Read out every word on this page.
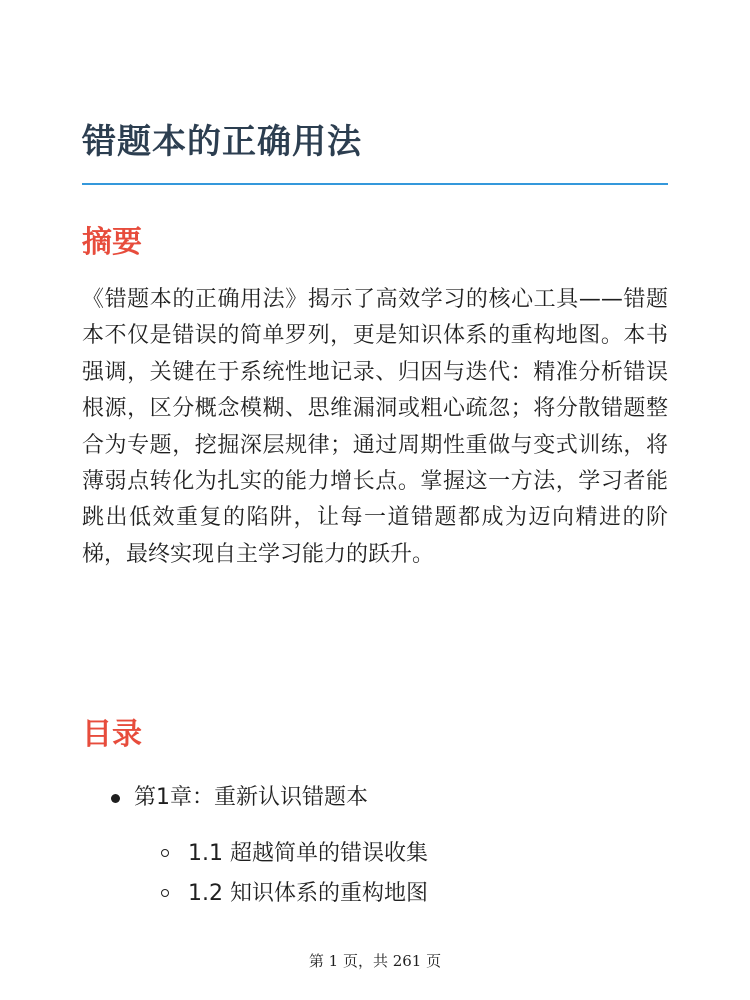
错题本的正确用法
摘要

《错题本的正确用法》揭示了高效学习的核心工具——错题本不仅是错误的简单罗列，更是知识体系的重构地图。本书强调，关键在于系统性地记录、归因与迭代：精准分析错误根源，区分概念模糊、思维漏洞或粗心疏忽；将分散错题整合为专题，挖掘深层规律；通过周期性重做与变式训练，将薄弱点转化为扎实的能力增长点。掌握这一方法，学习者能跳出低效重复的陷阱，让每一道错题都成为迈向精进的阶梯，最终实现自主学习能力的跃升。

目录
第1章：重新认识错题本
1.1 超越简单的错误收集
1.2 知识体系的重构地图
第 1 页，共 261 页
